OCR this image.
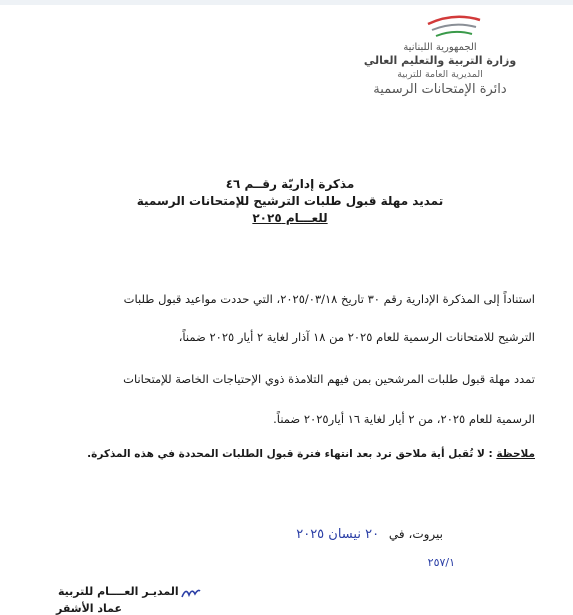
الجمهورية اللبنانية
وزارة التربية والتعليم العالي
المديرية العامة للتربية
دائرة الإمتحانات الرسمية
مذكرة إداريّة رقــم ٤٦
تمديد مهلة قبول طلبات الترشيح للإمتحانات الرسمية
للعـــام ٢٠٢٥
استناداً إلى المذكرة الإدارية رقم ٣٠ تاريخ ٢٠٢٥/٠٣/١٨، التي حددت مواعيد قبول طلبات
الترشيح للامتحانات الرسمية للعام ٢٠٢٥ من ١٨ آذار لغاية ٢ أيار ٢٠٢٥ ضمناً،
تمدد مهلة قبول طلبات المرشحين بمن فيهم التلامذة ذوي الإحتياجات الخاصة للإمتحانات
الرسمية للعام ٢٠٢٥، من ٢ أيار لغاية ١٦ أيار٢٠٢٥ ضمناً.
ملاحظة : لا تُقبل أية ملاحق ترد بعد انتهاء فترة قبول الطلبات المحددة في هذه المذكرة.
بيروت، في ٢٠ نيسان ٢٠٢٥
٢٥٧/١
المديـر العــــام للتربية
عماد الأشقر
